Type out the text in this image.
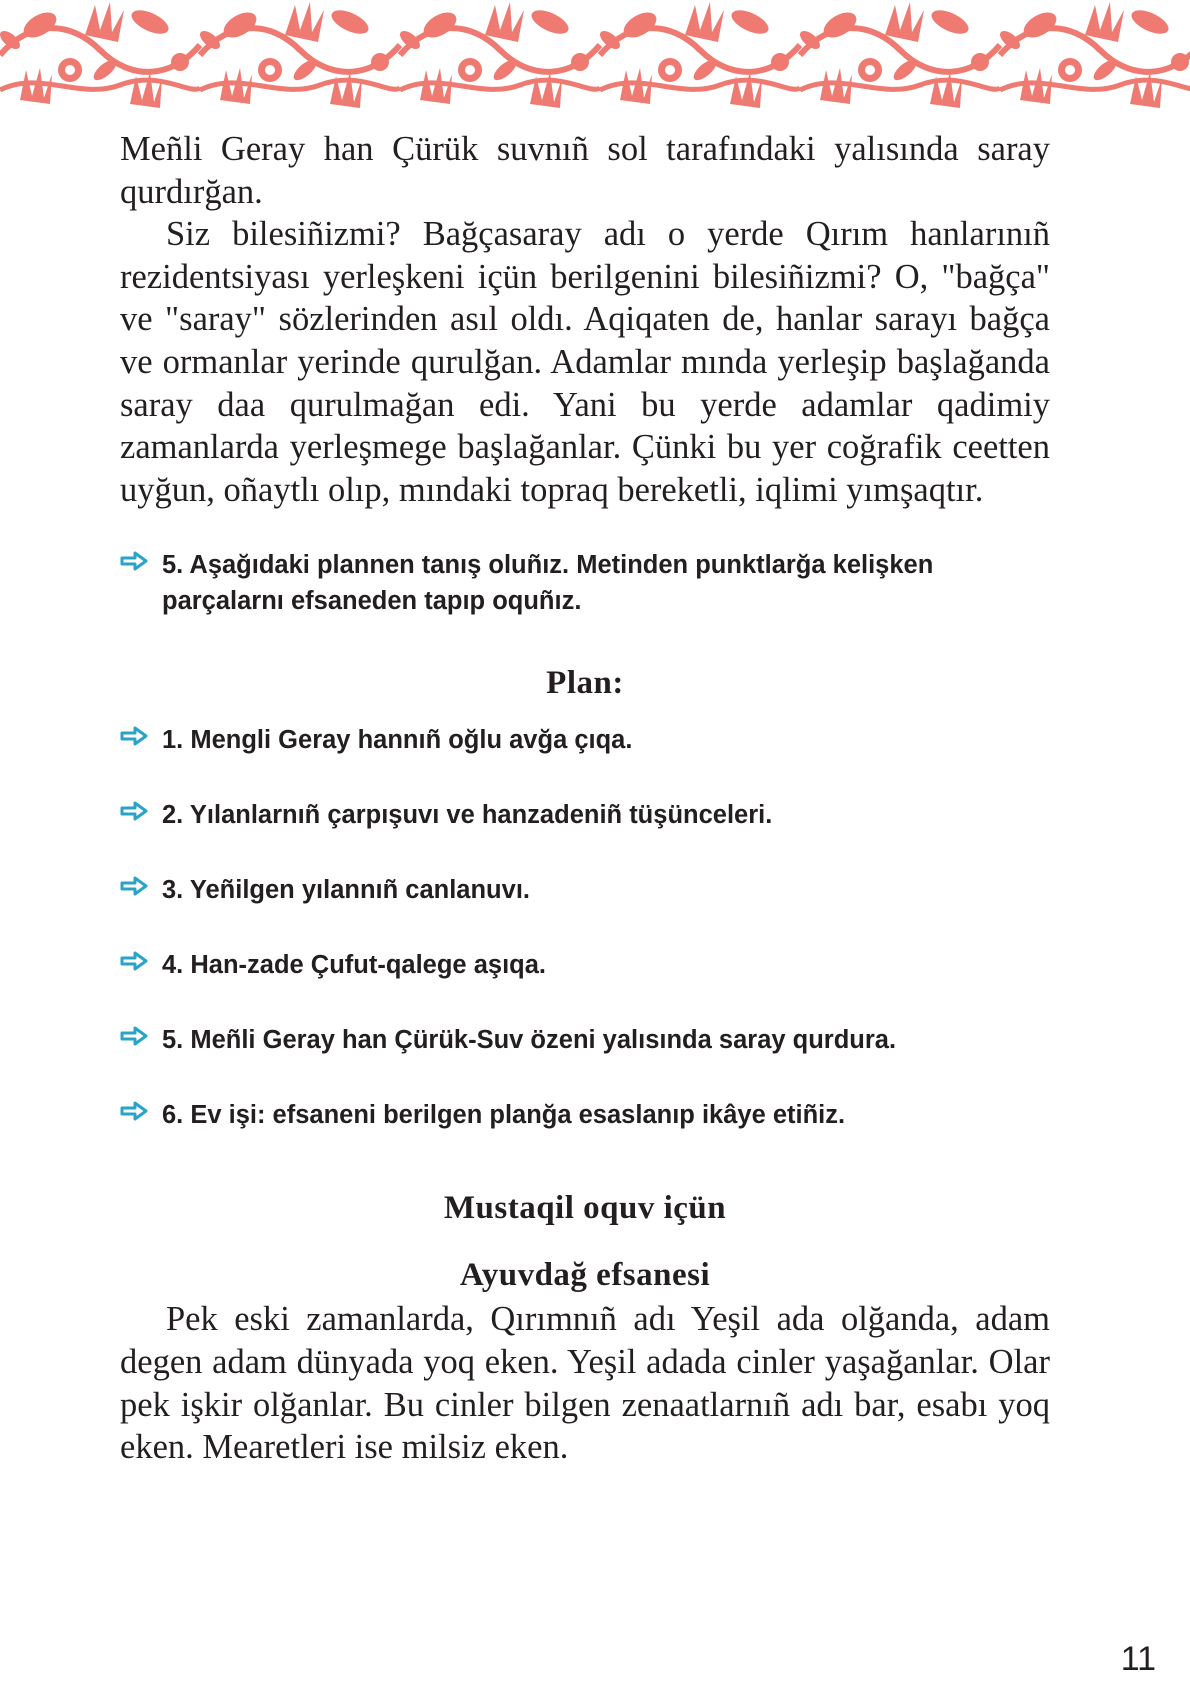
Meñli Geray han Çürük suvnıñ sol tarafındaki yalısında saray qurdırğan.

Siz bilesiñizmi? Bağçasaray adı o yerde Qırım hanlarınıñ rezidentsiyası yerleşkeni içün berilgenini bilesiñizmi? O, "bağça" ve "saray" sözlerinden asıl oldı. Aqiqaten de, hanlar sarayı bağça ve ormanlar yerinde qurulğan. Adamlar mında yerleşip başlağanda saray daa qurulmağan edi. Yani bu yerde adamlar qadimiy zamanlarda yerleşmege başlağanlar. Çünki bu yer coğrafik ceetten uyğun, oñaytlı olıp, mındaki topraq bereketli, iqlimi yımşaqtır.

5. Aşağıdaki plannen tanış oluñız. Metinden punktlarğa kelişken parçalarnı efsaneden tapıp oquñız.
Plan:
1. Mengli Geray hannıñ oğlu avğa çıqa.
2. Yılanlarnıñ çarpışuvı ve hanzadeniñ tüşünceleri.
3. Yeñilgen yılannıñ canlanuvı.
4. Han-zade Çufut-qalege aşıqa.
5. Meñli Geray han Çürük-Suv özeni yalısında saray qurdura.
6. Ev işi: efsaneni berilgen planğa esaslanıp ikâye etiñiz.
Mustaqil oquv içün
Ayuvdağ efsanesi

Pek eski zamanlarda, Qırımnıñ adı Yeşil ada olğanda, adam degen adam dünyada yoq eken. Yeşil adada cinler yaşağanlar. Olar pek işkir olğanlar. Bu cinler bilgen zenaatlarnıñ adı bar, esabı yoq eken. Mearetleri ise milsiz eken.

11
